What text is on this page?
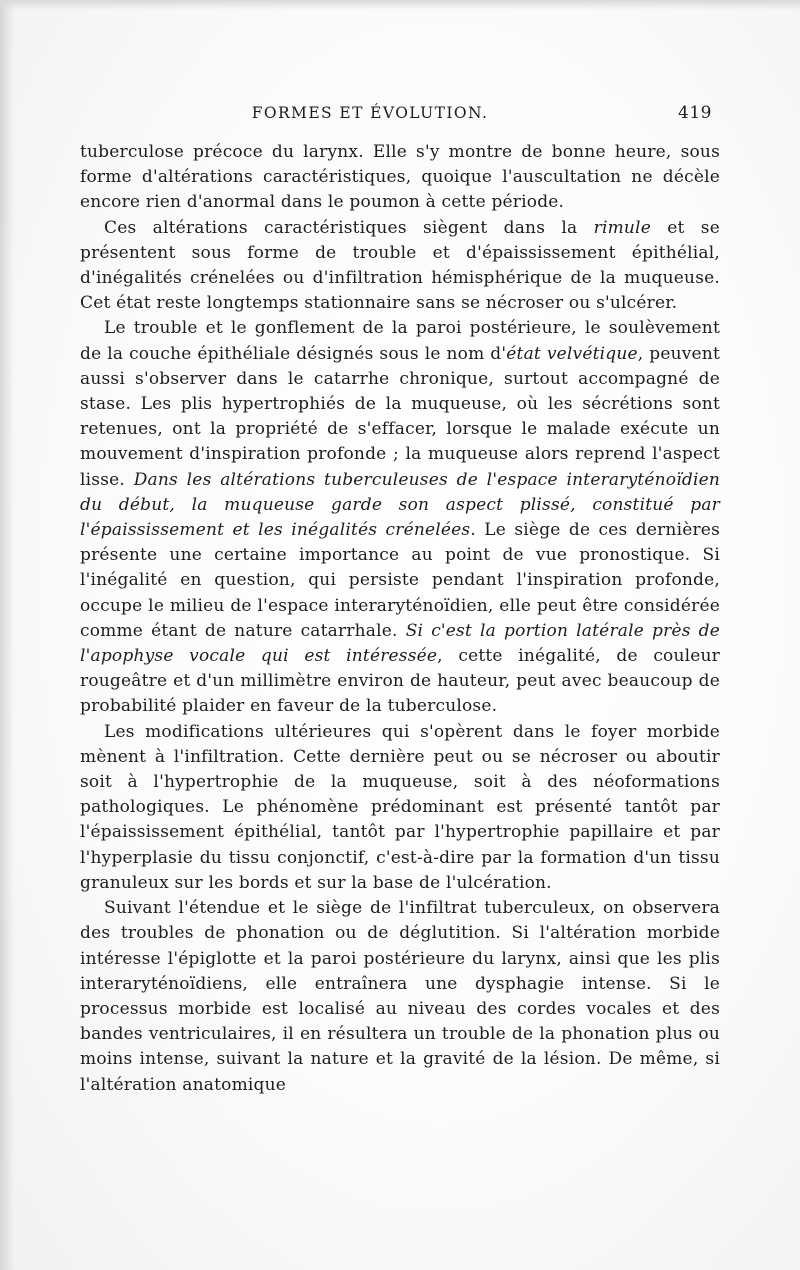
FORMES ET ÉVOLUTION.	419

tuberculose précoce du larynx. Elle s'y montre de bonne heure, sous forme d'altérations caractéristiques, quoique l'auscultation ne décèle encore rien d'anormal dans le poumon à cette période.

Ces altérations caractéristiques siègent dans la rimule et se présentent sous forme de trouble et d'épaississement épithélial, d'inégalités crénelées ou d'infiltration hémisphérique de la muqueuse. Cet état reste longtemps stationnaire sans se nécroser ou s'ulcérer.

Le trouble et le gonflement de la paroi postérieure, le soulèvement de la couche épithéliale désignés sous le nom d'état velvétique, peuvent aussi s'observer dans le catarrhe chronique, surtout accompagné de stase. Les plis hypertrophiés de la muqueuse, où les sécrétions sont retenues, ont la propriété de s'effacer, lorsque le malade exécute un mouvement d'inspiration profonde ; la muqueuse alors reprend l'aspect lisse. Dans les altérations tuberculeuses de l'espace interaryténoïdien du début, la muqueuse garde son aspect plissé, constitué par l'épaississement et les inégalités crénelées. Le siège de ces dernières présente une certaine importance au point de vue pronostique. Si l'inégalité en question, qui persiste pendant l'inspiration profonde, occupe le milieu de l'espace interaryténoïdien, elle peut être considérée comme étant de nature catarrhale. Si c'est la portion latérale près de l'apophyse vocale qui est intéressée, cette inégalité, de couleur rougeâtre et d'un millimètre environ de hauteur, peut avec beaucoup de probabilité plaider en faveur de la tuberculose.

Les modifications ultérieures qui s'opèrent dans le foyer morbide mènent à l'infiltration. Cette dernière peut ou se nécroser ou aboutir soit à l'hypertrophie de la muqueuse, soit à des néoformations pathologiques. Le phénomène prédominant est présenté tantôt par l'épaississement épithélial, tantôt par l'hypertrophie papillaire et par l'hyperplasie du tissu conjonctif, c'est-à-dire par la formation d'un tissu granuleux sur les bords et sur la base de l'ulcération.

Suivant l'étendue et le siège de l'infiltrat tuberculeux, on observera des troubles de phonation ou de déglutition. Si l'altération morbide intéresse l'épiglotte et la paroi postérieure du larynx, ainsi que les plis interaryténoïdiens, elle entraînera une dysphagie intense. Si le processus morbide est localisé au niveau des cordes vocales et des bandes ventriculaires, il en résultera un trouble de la phonation plus ou moins intense, suivant la nature et la gravité de la lésion. De même, si l'altération anatomique
